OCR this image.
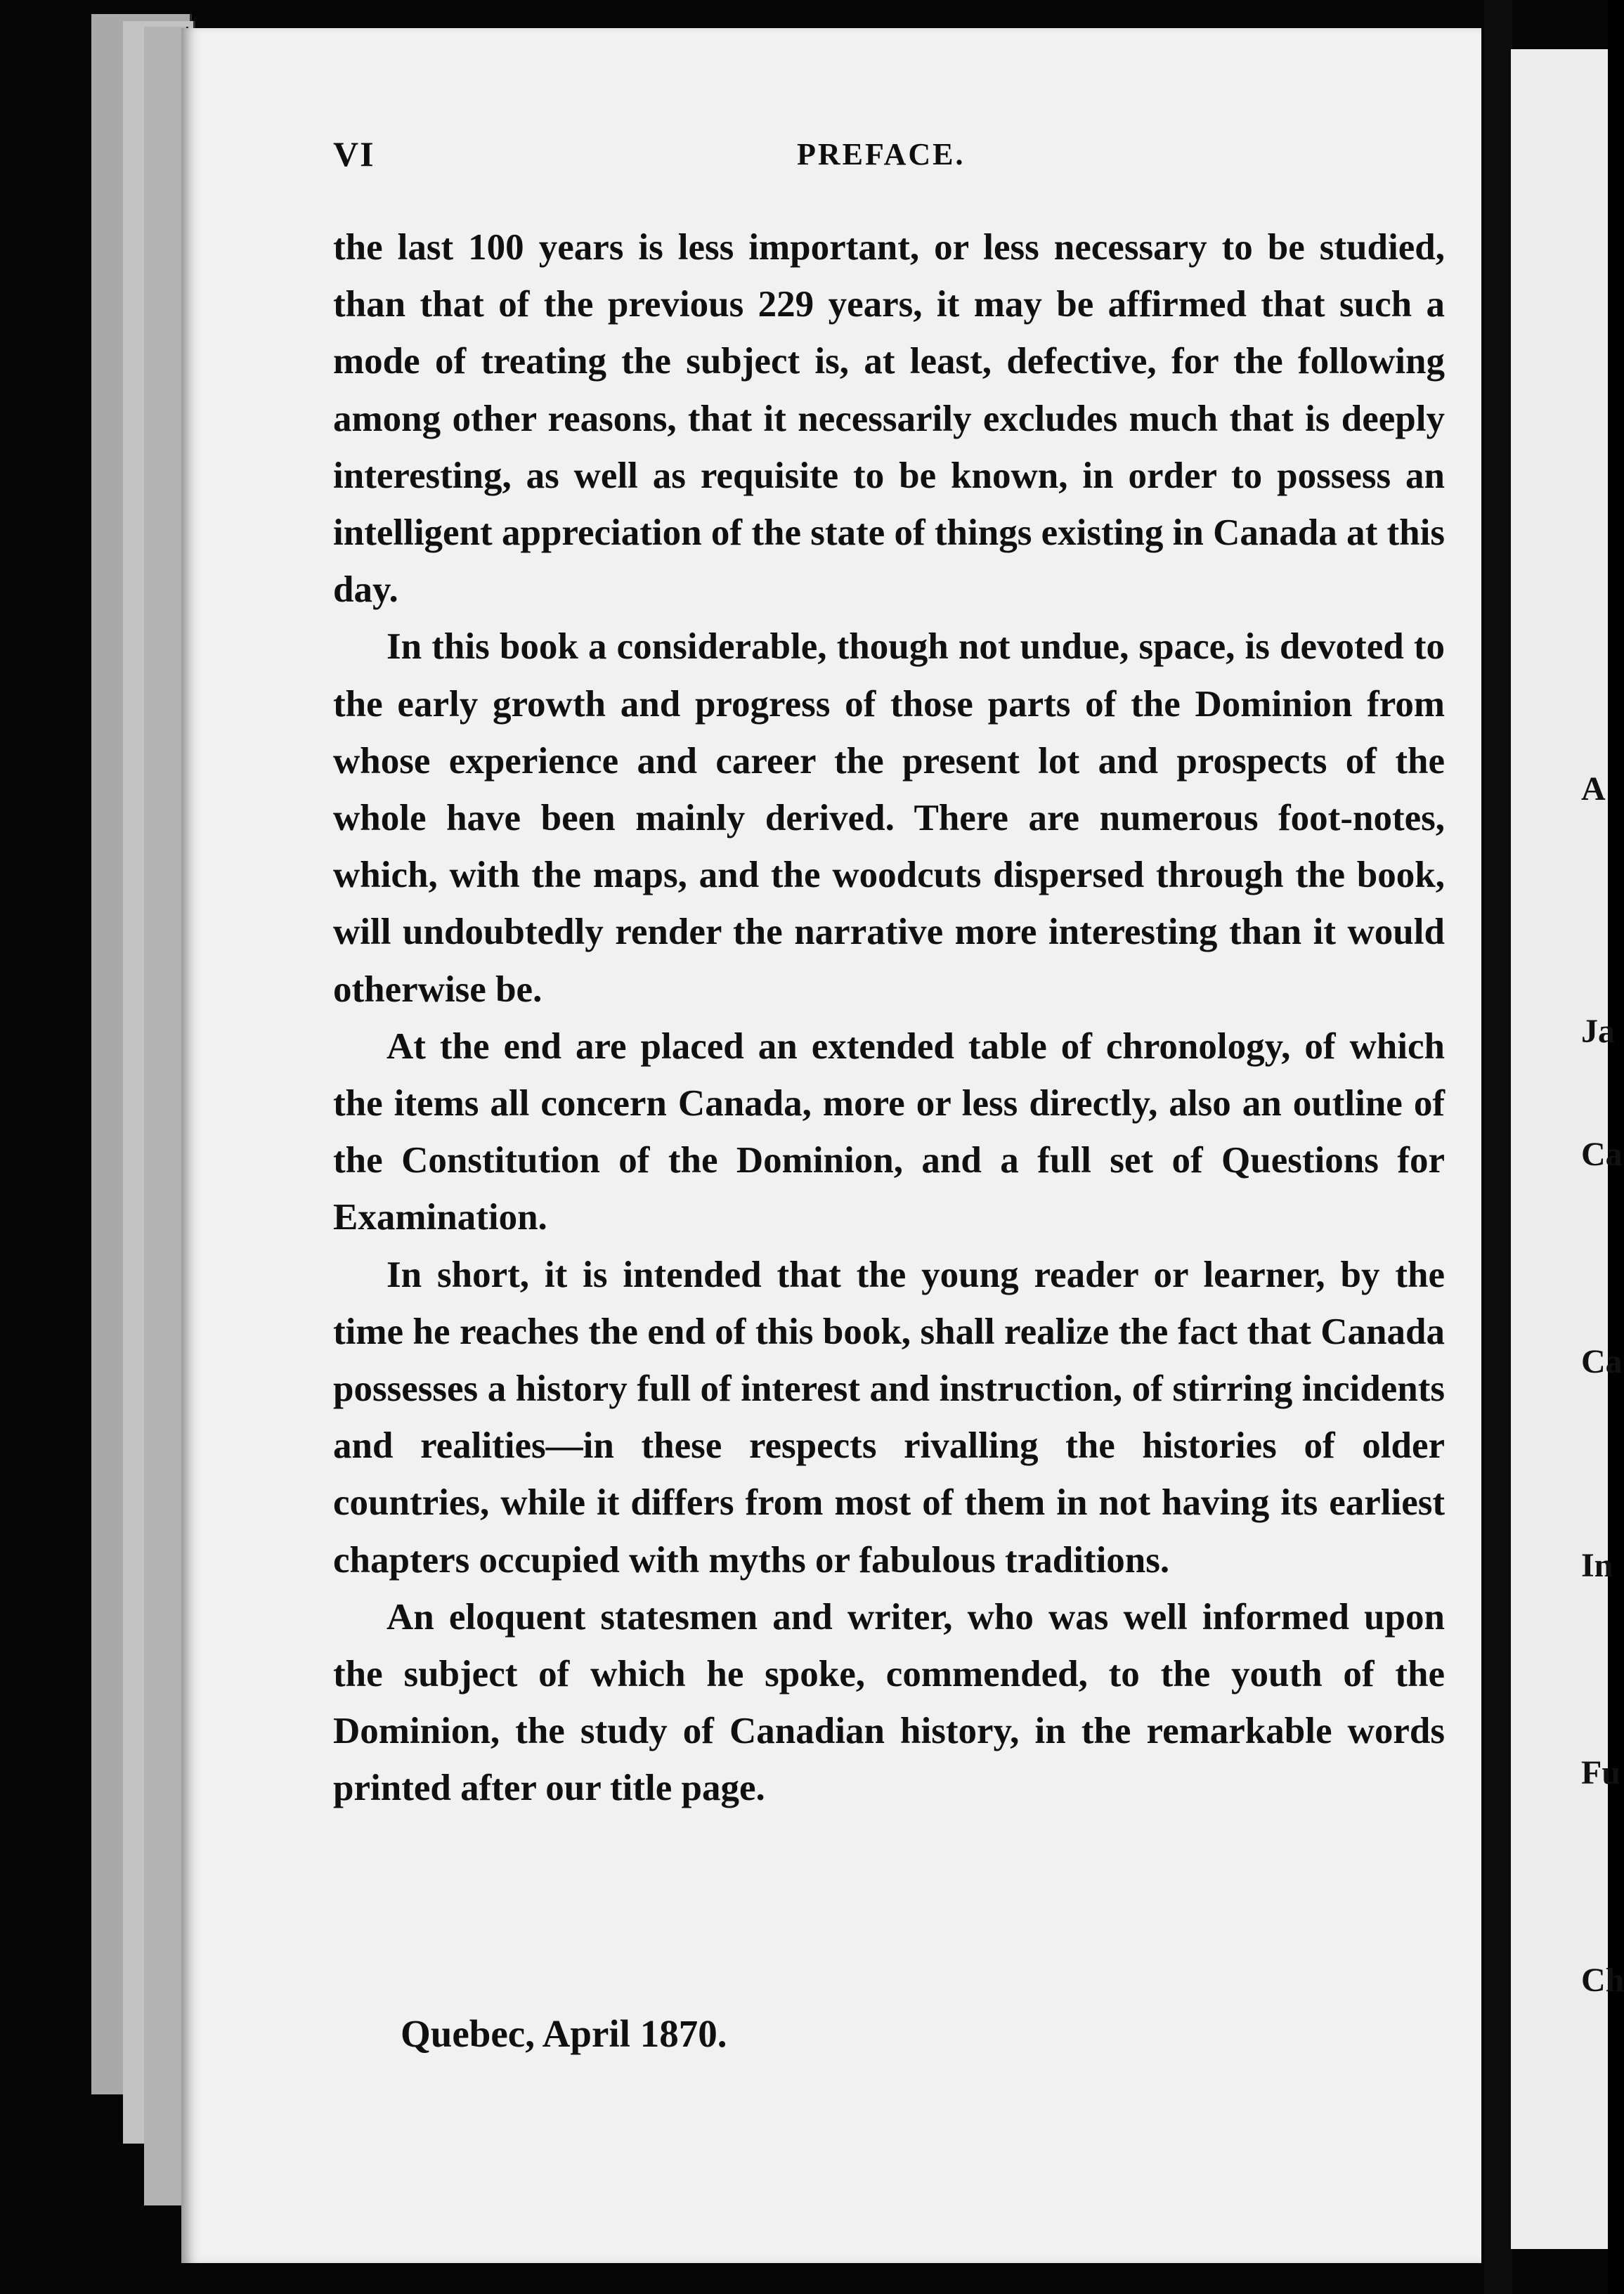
A
Ja
Ca
Ca
In
Fu
Ch
VI	PREFACE.

the last 100 years is less important, or less necessary to be studied, than that of the previous 229 years, it may be affirmed that such a mode of treating the subject is, at least, defective, for the following among other reasons, that it necessarily excludes much that is deeply interesting, as well as requisite to be known, in order to possess an intelligent appreciation of the state of things existing in Canada at this day.

In this book a considerable, though not undue, space, is devoted to the early growth and progress of those parts of the Dominion from whose experience and career the present lot and prospects of the whole have been mainly derived. There are numerous foot-notes, which, with the maps, and the woodcuts dispersed through the book, will undoubtedly render the narrative more interesting than it would otherwise be.

At the end are placed an extended table of chronology, of which the items all concern Canada, more or less directly, also an outline of the Constitution of the Dominion, and a full set of Questions for Examination.

In short, it is intended that the young reader or learner, by the time he reaches the end of this book, shall realize the fact that Canada possesses a history full of interest and instruction, of stirring incidents and realities—in these respects rivalling the histories of older countries, while it differs from most of them in not having its earliest chapters occupied with myths or fabulous traditions.

An eloquent statesmen and writer, who was well informed upon the subject of which he spoke, commended, to the youth of the Dominion, the study of Canadian history, in the remarkable words printed after our title page.

Quebec, April 1870.
